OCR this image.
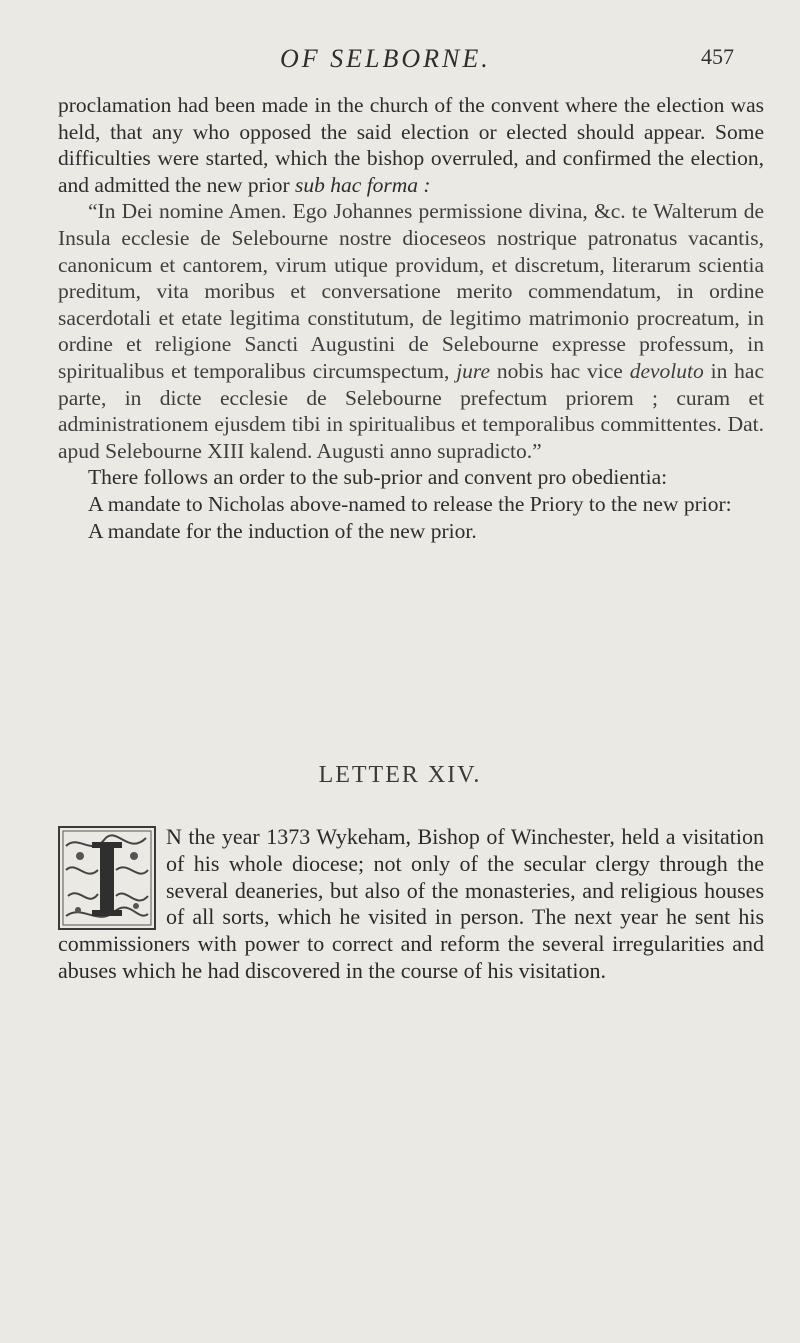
OF SELBORNE.	457

proclamation had been made in the church of the convent where the election was held, that any who opposed the said election or elected should appear. Some difficulties were started, which the bishop overruled, and confirmed the election, and admitted the new prior sub hac forma :

“In Dei nomine Amen. Ego Johannes permissione divina, &c. te Walterum de Insula ecclesie de Selebourne nostre dioceseos nostrique patronatus vacantis, canonicum et cantorem, virum utique providum, et discretum, literarum scientia preditum, vita moribus et conversatione merito commendatum, in ordine sacerdotali et etate legitima constitutum, de legitimo matrimonio procreatum, in ordine et religione Sancti Augustini de Selebourne expresse professum, in spiritualibus et temporalibus circumspectum, jure nobis hac vice devoluto in hac parte, in dicte ecclesie de Selebourne prefectum priorem ; curam et administrationem ejusdem tibi in spiritualibus et temporalibus committentes. Dat. apud Selebourne XIII kalend. Augusti anno supradicto.”

There follows an order to the sub-prior and convent pro obedientia:

A mandate to Nicholas above-named to release the Priory to the new prior:

A mandate for the induction of the new prior.

LETTER XIV.
N the year 1373 Wykeham, Bishop of Winchester, held a visitation of his whole diocese; not only of the secular clergy through the several deaneries, but also of the monasteries, and religious houses of all sorts, which he visited in person. The next year he sent his commissioners with power to correct and reform the several irregularities and abuses which he had discovered in the course of his visitation.
